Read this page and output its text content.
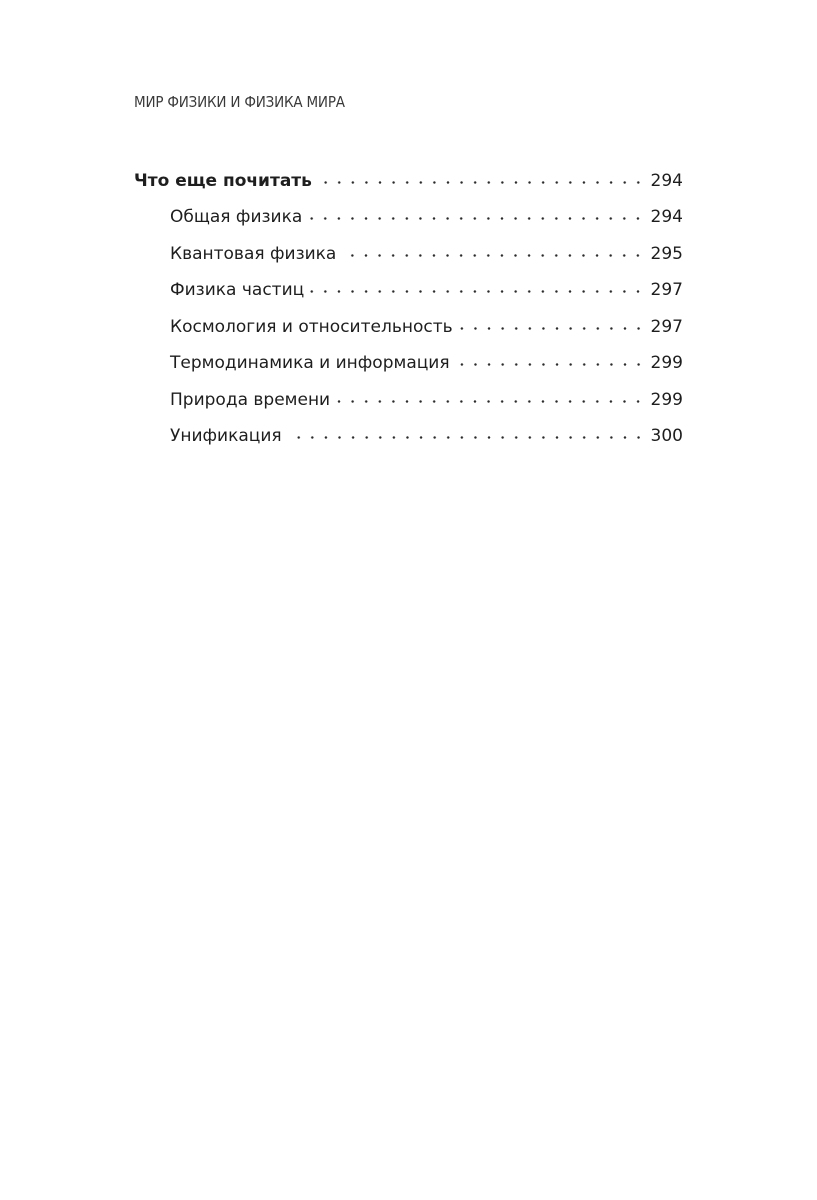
МИР ФИЗИКИ И ФИЗИКА МИРА
Что еще почитать	294
Общая физика	294
Квантовая физика	295
Физика частиц	297
Космология и относительность	297
Термодинамика и информация	299
Природа времени	299
Унификация	300
